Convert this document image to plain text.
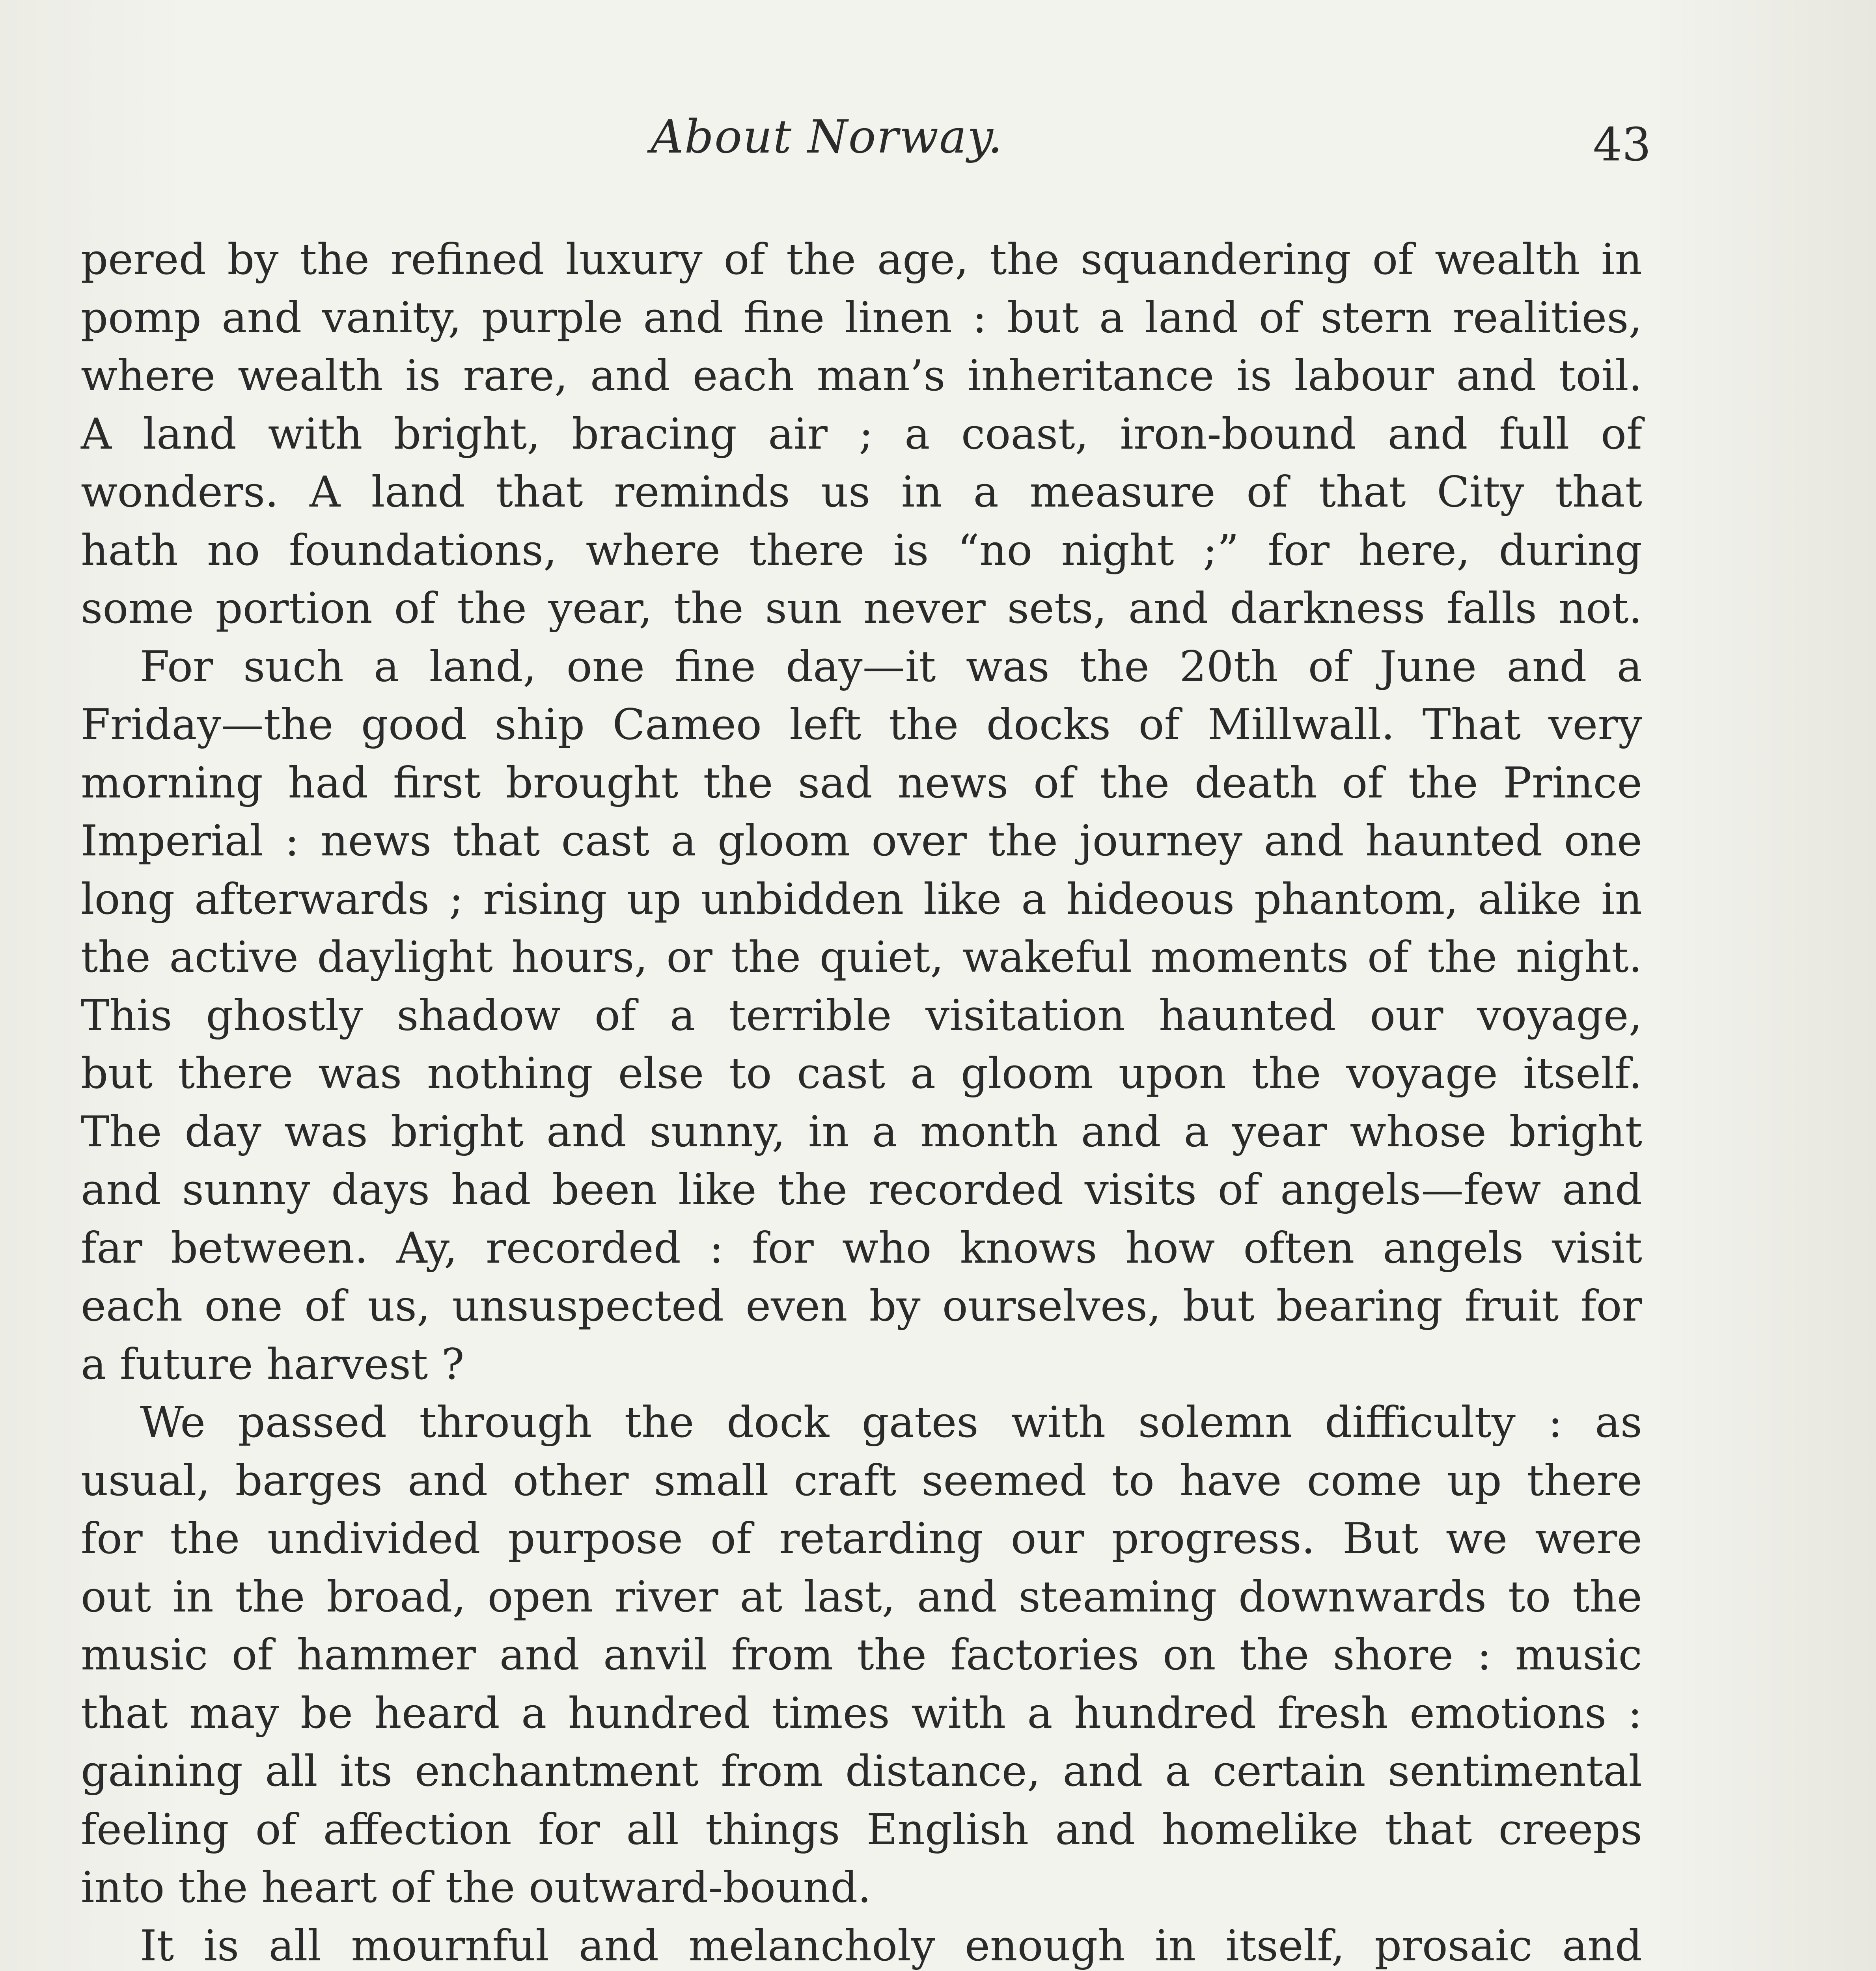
About Norway.	43
pered by the refined luxury of the age, the squandering of wealth in
pomp and vanity, purple and fine linen : but a land of stern realities,
where wealth is rare, and each man’s inheritance is labour and toil.
A land with bright, bracing air ; a coast, iron-bound and full of
wonders. A land that reminds us in a measure of that City that
hath no foundations, where there is “no night ;” for here, during
some portion of the year, the sun never sets, and darkness falls not.
For such a land, one fine day—it was the 20th of June and a
Friday—the good ship Cameo left the docks of Millwall. That very
morning had first brought the sad news of the death of the Prince
Imperial : news that cast a gloom over the journey and haunted one
long afterwards ; rising up unbidden like a hideous phantom, alike in
the active daylight hours, or the quiet, wakeful moments of the night.
This ghostly shadow of a terrible visitation haunted our voyage,
but there was nothing else to cast a gloom upon the voyage itself.
The day was bright and sunny, in a month and a year whose bright
and sunny days had been like the recorded visits of angels—few and
far between. Ay, recorded : for who knows how often angels visit
each one of us, unsuspected even by ourselves, but bearing fruit for
a future harvest ?
We passed through the dock gates with solemn difficulty : as
usual, barges and other small craft seemed to have come up there
for the undivided purpose of retarding our progress. But we were
out in the broad, open river at last, and steaming downwards to the
music of hammer and anvil from the factories on the shore : music
that may be heard a hundred times with a hundred fresh emotions :
gaining all its enchantment from distance, and a certain sentimental
feeling of affection for all things English and homelike that creeps
into the heart of the outward-bound.
It is all mournful and melancholy enough in itself, prosaic and
